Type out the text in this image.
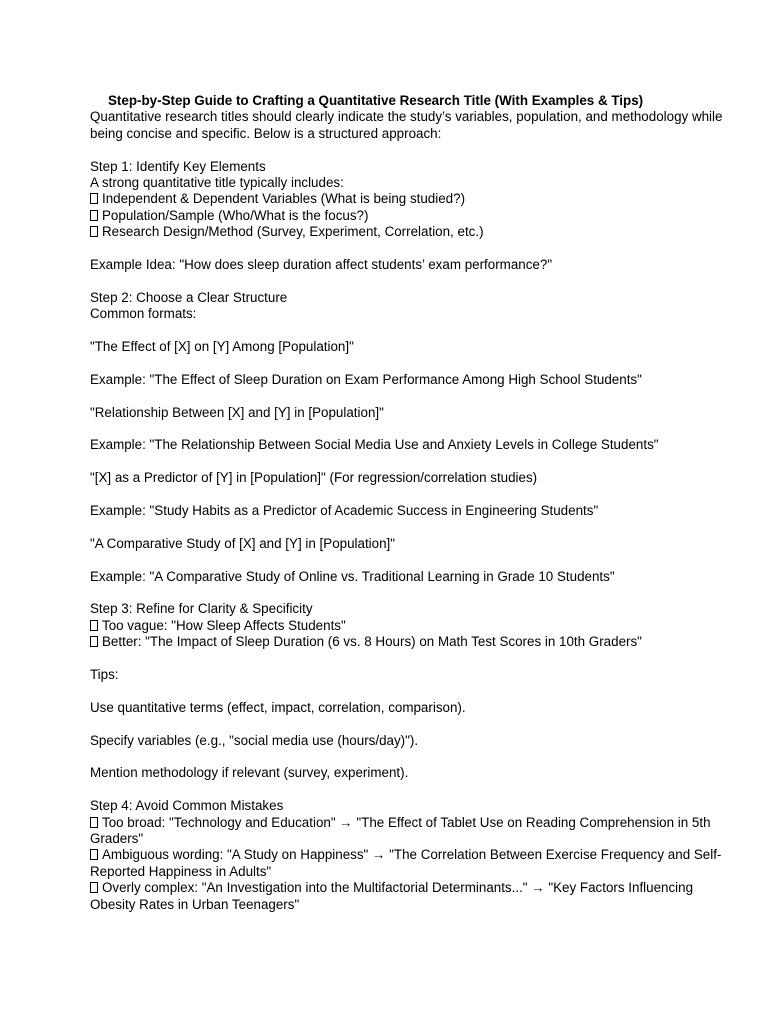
Step-by-Step Guide to Crafting a Quantitative Research Title (With Examples & Tips)
Quantitative research titles should clearly indicate the study’s variables, population, and methodology while being concise and specific. Below is a structured approach:
Step 1: Identify Key Elements
A strong quantitative title typically includes:
Independent & Dependent Variables (What is being studied?)
Population/Sample (Who/What is the focus?)
Research Design/Method (Survey, Experiment, Correlation, etc.)
Example Idea: "How does sleep duration affect students’ exam performance?"
Step 2: Choose a Clear Structure
Common formats:
"The Effect of [X] on [Y] Among [Population]"
Example: "The Effect of Sleep Duration on Exam Performance Among High School Students"
"Relationship Between [X] and [Y] in [Population]"
Example: "The Relationship Between Social Media Use and Anxiety Levels in College Students"
"[X] as a Predictor of [Y] in [Population]" (For regression/correlation studies)
Example: "Study Habits as a Predictor of Academic Success in Engineering Students"
"A Comparative Study of [X] and [Y] in [Population]"
Example: "A Comparative Study of Online vs. Traditional Learning in Grade 10 Students"
Step 3: Refine for Clarity & Specificity
Too vague: "How Sleep Affects Students"
Better: "The Impact of Sleep Duration (6 vs. 8 Hours) on Math Test Scores in 10th Graders"
Tips:
Use quantitative terms (effect, impact, correlation, comparison).
Specify variables (e.g., "social media use (hours/day)").
Mention methodology if relevant (survey, experiment).
Step 4: Avoid Common Mistakes
Too broad: "Technology and Education" → "The Effect of Tablet Use on Reading Comprehension in 5th Graders"
Ambiguous wording: "A Study on Happiness" → "The Correlation Between Exercise Frequency and Self-Reported Happiness in Adults"
Overly complex: "An Investigation into the Multifactorial Determinants..." → "Key Factors Influencing Obesity Rates in Urban Teenagers"
